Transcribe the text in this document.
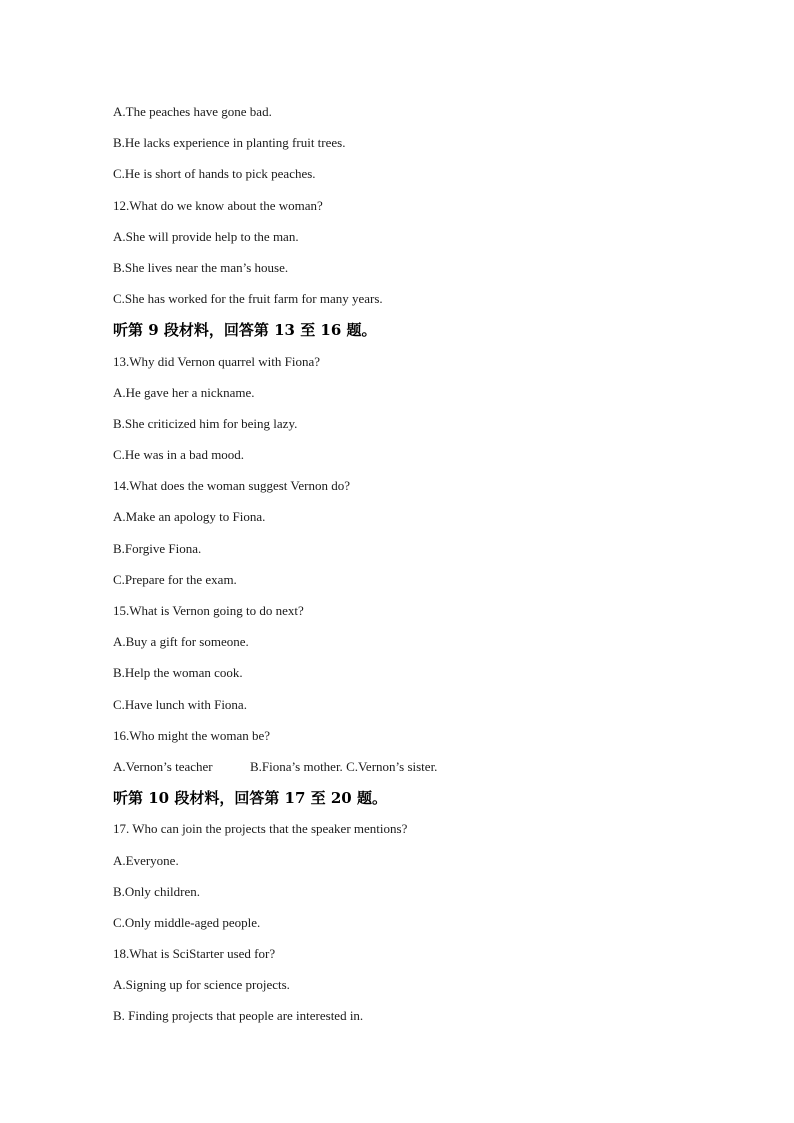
A.The peaches have gone bad.
B.He lacks experience in planting fruit trees.
C.He is short of hands to pick peaches.
12.What do we know about the woman?
A.She will provide help to the man.
B.She lives near the man’s house.
C.She has worked for the fruit farm for many years.
听第 9 段材料，回答第 13 至 16 题。
13.Why did Vernon quarrel with Fiona?
A.He gave her a nickname.
B.She criticized him for being lazy.
C.He was in a bad mood.
14.What does the woman suggest Vernon do?
A.Make an apology to Fiona.
B.Forgive Fiona.
C.Prepare for the exam.
15.What is Vernon going to do next?
A.Buy a gift for someone.
B.Help the woman cook.
C.Have lunch with Fiona.
16.Who might the woman be?
A.Vernon’s teacher	B.Fiona’s mother. C.Vernon’s sister.
听第 10 段材料，回答第 17 至 20 题。
17. Who can join the projects that the speaker mentions?
A.Everyone.
B.Only children.
C.Only middle-aged people.
18.What is SciStarter used for?
A.Signing up for science projects.
B. Finding projects that people are interested in.
